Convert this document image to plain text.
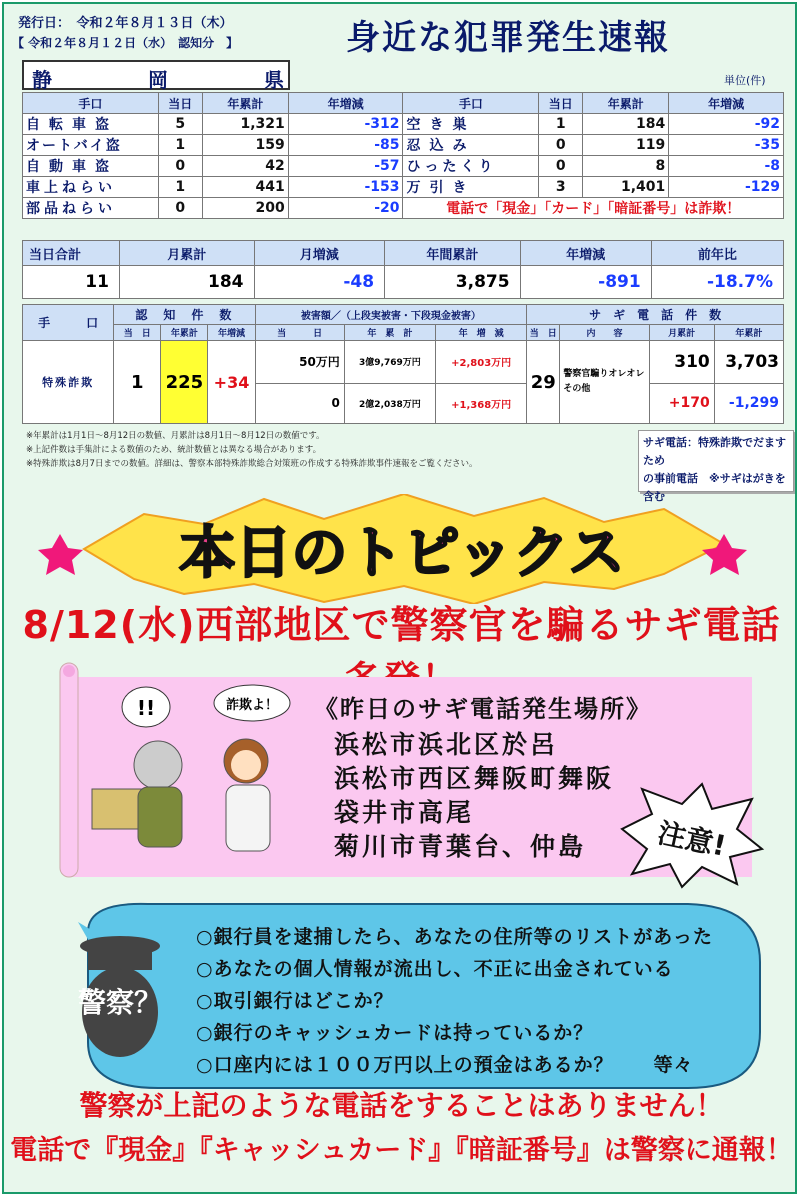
発行日：　令和２年８月１３日（木）
【 令和２年８月１２日（水）　認知分　】	身近な犯罪発生速報
静	岡	県	単位(件)
手口	当日	年累計	年増減	手口	当日	年累計	年増減
自転車盗	5	1,321	-312	空き巣	1	184	-92
オートバイ盗	1	159	-85	忍込み	0	119	-35
自動車盗	0	42	-57	ひったくり	0	8	-8
車上ねらい	1	441	-153	万引き	3	1,401	-129
部品ねらい	0	200	-20	電話で「現金」「カード」「暗証番号」は詐欺！			
当日合計	月累計	月増減	年間累計	年増減	前年比
11	184	-48	3,875	-891	-18.7%
手　　　口	認　知　件　数			被害額／（上段実被害・下段現金被害）			サ　ギ　電　話　件　数			
	当　日	年累計	年増減	当　　　日	年　累　計	年　増　減	当　日	内　　容	月累計	年累計
特殊詐欺	1	225	+34	50万円	3億9,769万円	+2,803万円	29	警察官騙りオレオレその他	310	3,703
				0	2億2,038万円	+1,368万円			+170	-1,299
※年累計は1月1日～8月12日の数値、月累計は8月1日～8月12日の数値です。
※上記件数は手集計による数値のため、統計数値とは異なる場合があります。
※特殊詐欺は8月7日までの数値。詳細は、警察本部特殊詐欺総合対策班の作成する特殊詐欺事件速報をご覧ください。
サギ電話：特殊詐欺でだますため
の事前電話　※サギはがきを含む
本日のトピックス
8/12(水)西部地区で警察官を騙るサギ電話
!!	詐欺よ！ 《昨日のサギ電話発生場所》
浜松市浜北区於呂
浜松市西区舞阪町舞阪
袋井市高尾
菊川市青葉台、仲島 注意!
警察？
○銀行員を逮捕したら、あなたの住所等のリストがあった
○あなたの個人情報が流出し、不正に出金されている
○取引銀行はどこか？
○銀行のキャッシュカードは持っているか？
○口座内には１００万円以上の預金はあるか？　　等々
警察が上記のような電話をすることはありません！
電話で『現金』『キャッシュカード』『暗証番号』は警察に通報！
